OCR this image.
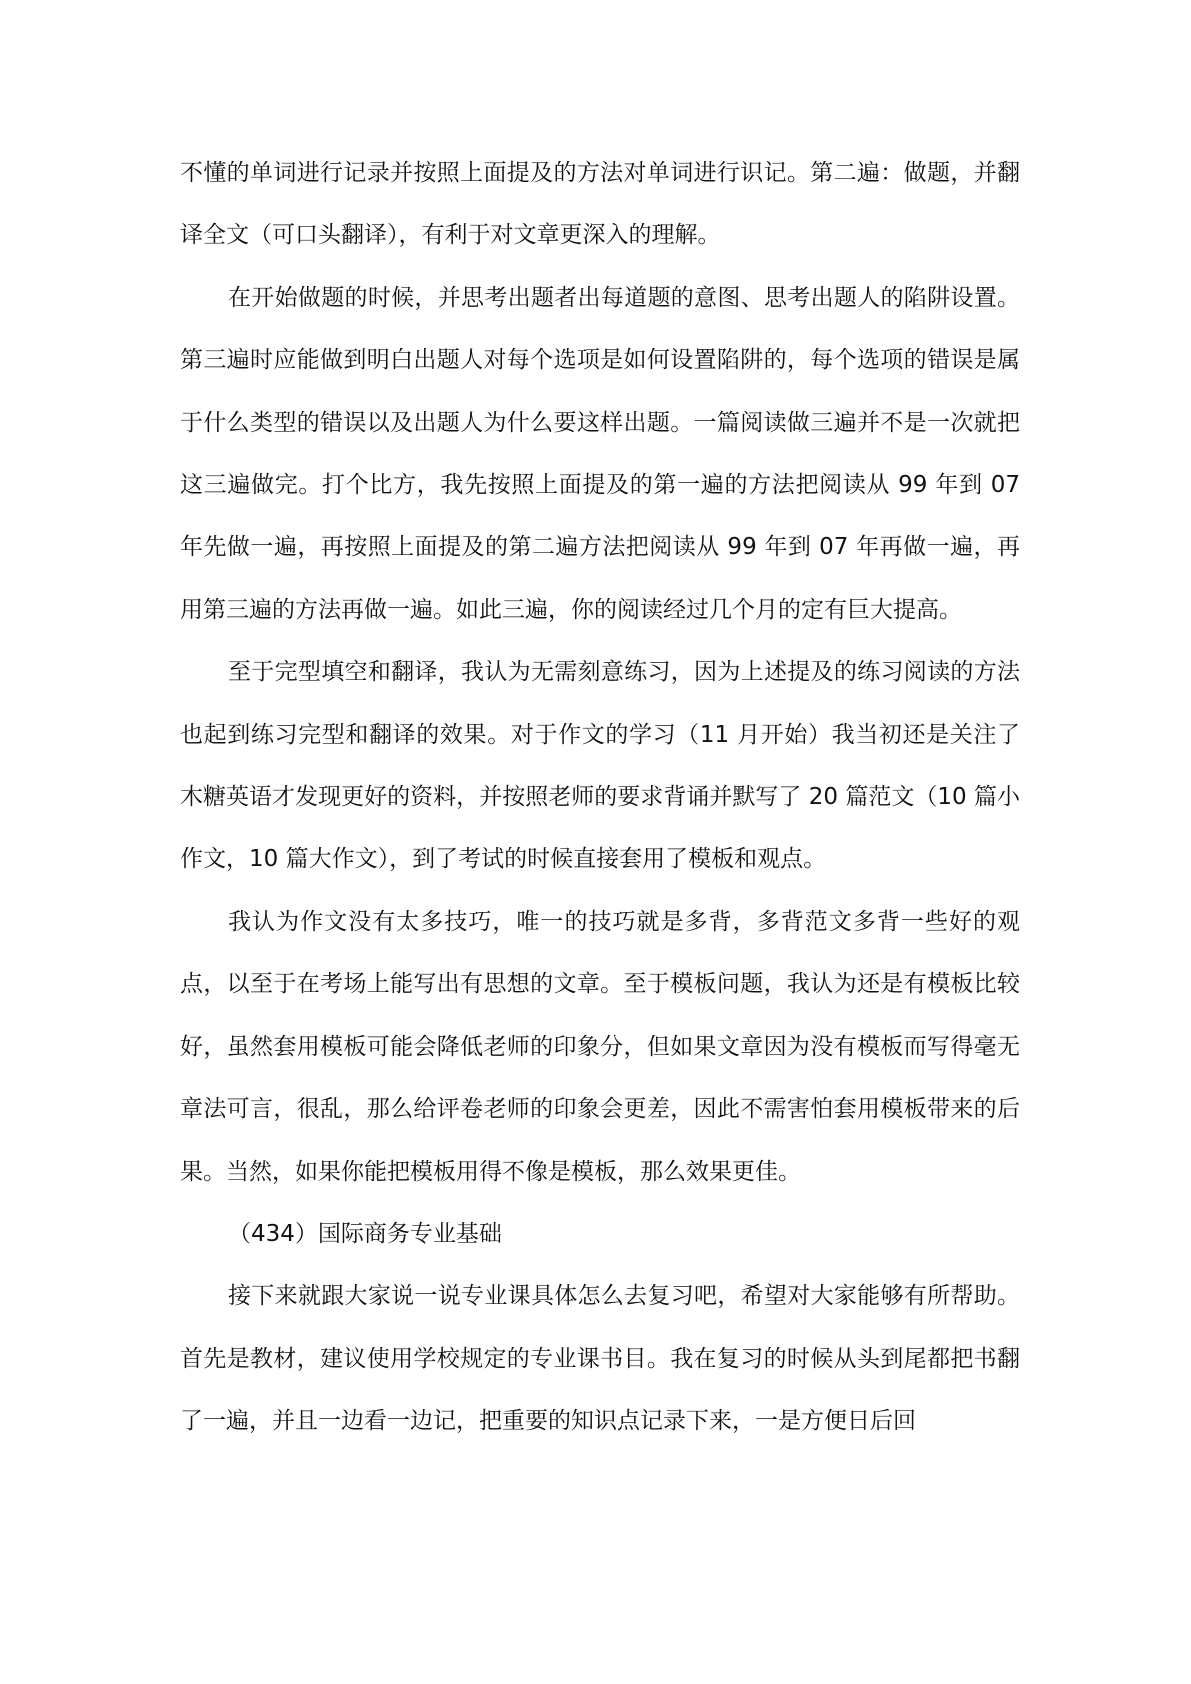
不懂的单词进行记录并按照上面提及的方法对单词进行识记。第二遍：做题，并翻译全文（可口头翻译），有利于对文章更深入的理解。

在开始做题的时候，并思考出题者出每道题的意图、思考出题人的陷阱设置。第三遍时应能做到明白出题人对每个选项是如何设置陷阱的，每个选项的错误是属于什么类型的错误以及出题人为什么要这样出题。一篇阅读做三遍并不是一次就把这三遍做完。打个比方，我先按照上面提及的第一遍的方法把阅读从 99 年到 07 年先做一遍，再按照上面提及的第二遍方法把阅读从 99 年到 07 年再做一遍，再用第三遍的方法再做一遍。如此三遍，你的阅读经过几个月的定有巨大提高。

至于完型填空和翻译，我认为无需刻意练习，因为上述提及的练习阅读的方法也起到练习完型和翻译的效果。对于作文的学习（11 月开始）我当初还是关注了木糖英语才发现更好的资料，并按照老师的要求背诵并默写了 20 篇范文（10 篇小作文，10 篇大作文），到了考试的时候直接套用了模板和观点。

我认为作文没有太多技巧，唯一的技巧就是多背，多背范文多背一些好的观点，以至于在考场上能写出有思想的文章。至于模板问题，我认为还是有模板比较好，虽然套用模板可能会降低老师的印象分，但如果文章因为没有模板而写得毫无章法可言，很乱，那么给评卷老师的印象会更差，因此不需害怕套用模板带来的后果。当然，如果你能把模板用得不像是模板，那么效果更佳。

（434）国际商务专业基础

接下来就跟大家说一说专业课具体怎么去复习吧，希望对大家能够有所帮助。首先是教材，建议使用学校规定的专业课书目。我在复习的时候从头到尾都把书翻了一遍，并且一边看一边记，把重要的知识点记录下来，一是方便日后回
